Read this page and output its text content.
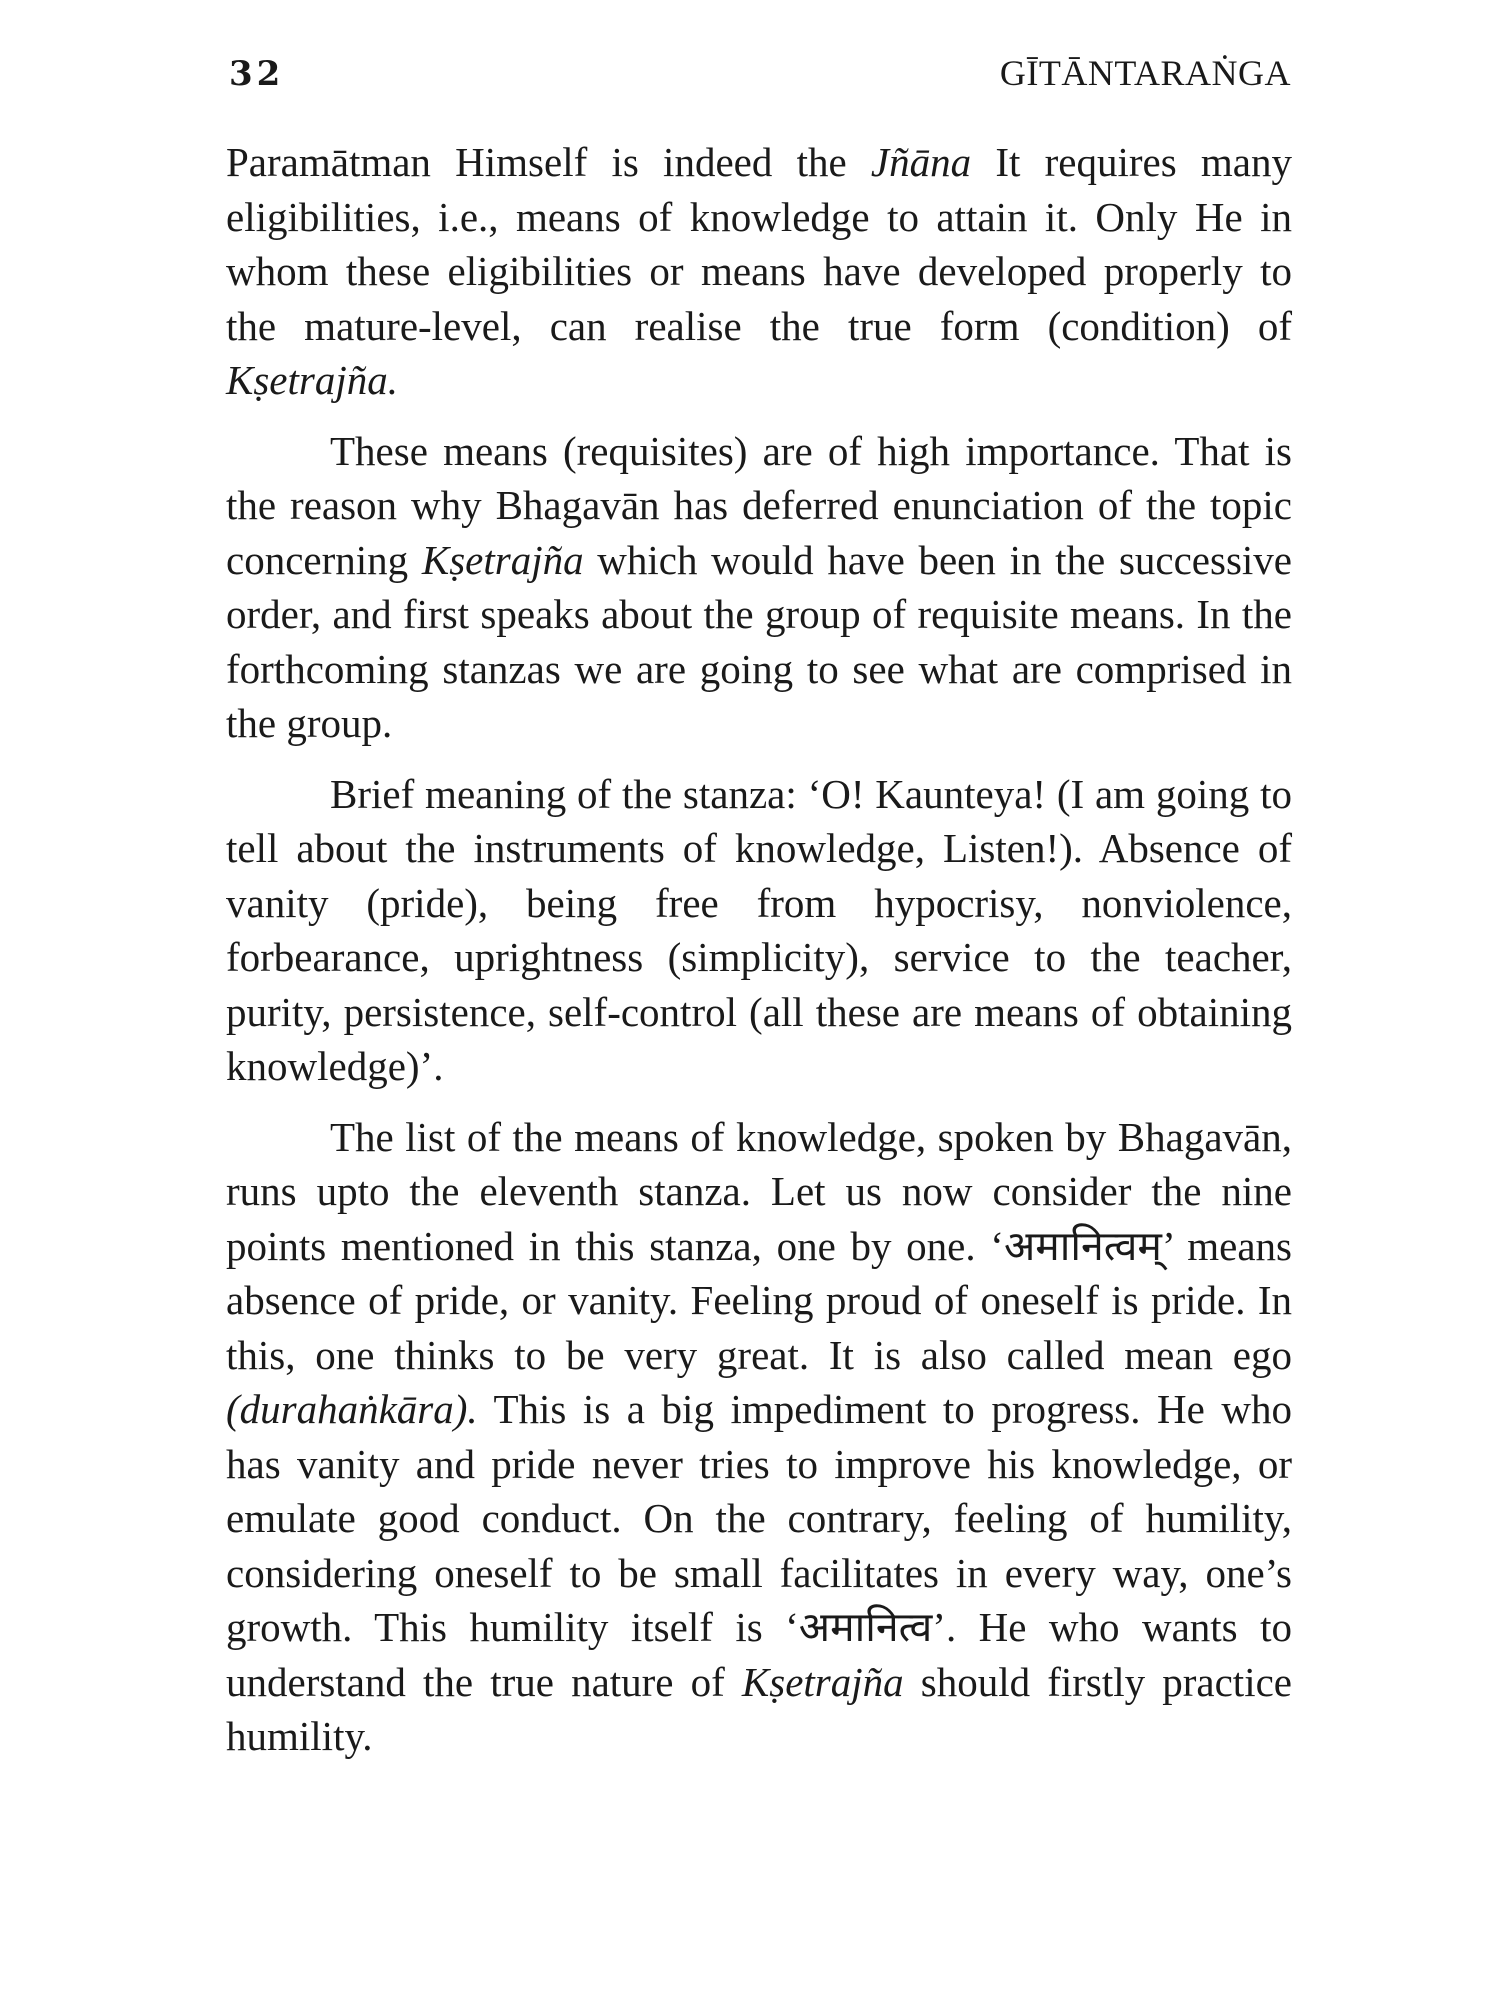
32	GĪTĀNTARAṄGA

Paramātman Himself is indeed the Jñāna It requires many eligibilities, i.e., means of knowledge to attain it. Only He in whom these eligibilities or means have developed properly to the mature-level, can realise the true form (condition) of Kṣetrajña.

These means (requisites) are of high importance. That is the reason why Bhagavān has deferred enunciation of the topic concerning Kṣetrajña which would have been in the successive order, and first speaks about the group of requisite means. In the forthcoming stanzas we are going to see what are comprised in the group.

Brief meaning of the stanza: ‘O! Kaunteya! (I am going to tell about the instruments of knowledge, Listen!). Absence of vanity (pride), being free from hypocrisy, nonviolence, forbearance, uprightness (simplicity), service to the teacher, purity, persistence, self-control (all these are means of obtaining knowledge)’.

The list of the means of knowledge, spoken by Bhagavān, runs upto the eleventh stanza. Let us now consider the nine points mentioned in this stanza, one by one. ‘अमानित्वम्’ means absence of pride, or vanity. Feeling proud of oneself is pride. In this, one thinks to be very great. It is also called mean ego (durahaṅkāra). This is a big impediment to progress. He who has vanity and pride never tries to improve his knowledge, or emulate good conduct. On the contrary, feeling of humility, considering oneself to be small facilitates in every way, one’s growth. This humility itself is ‘अमानित्व’. He who wants to understand the true nature of Kṣetrajña should firstly practice humility.
